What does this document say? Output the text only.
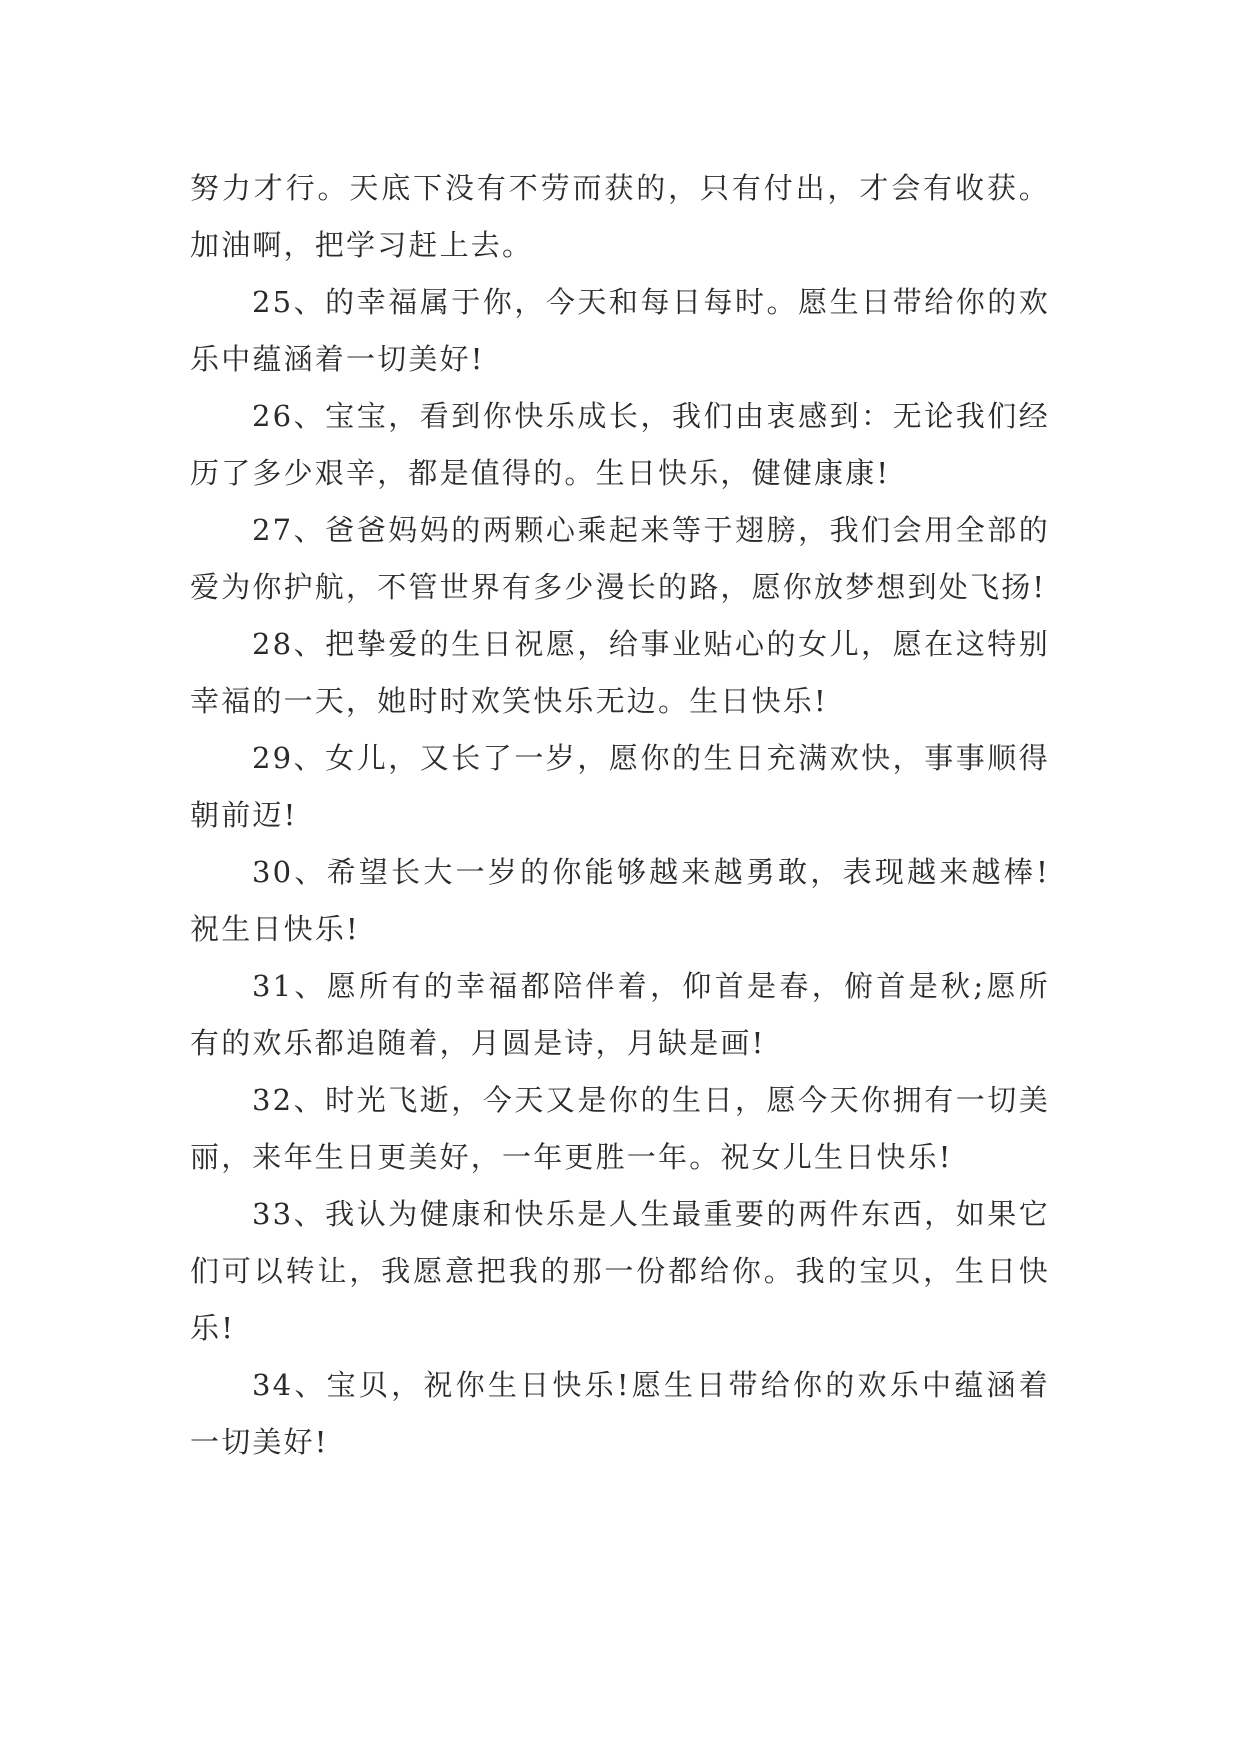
努力才行。天底下没有不劳而获的，只有付出，才会有收获。加油啊，把学习赶上去。

25、的幸福属于你，今天和每日每时。愿生日带给你的欢乐中蕴涵着一切美好!

26、宝宝，看到你快乐成长，我们由衷感到：无论我们经历了多少艰辛，都是值得的。生日快乐，健健康康!

27、爸爸妈妈的两颗心乘起来等于翅膀，我们会用全部的爱为你护航，不管世界有多少漫长的路，愿你放梦想到处飞扬!

28、把挚爱的生日祝愿，给事业贴心的女儿，愿在这特别幸福的一天，她时时欢笑快乐无边。生日快乐!

29、女儿，又长了一岁，愿你的生日充满欢快，事事顺得朝前迈!

30、希望长大一岁的你能够越来越勇敢，表现越来越棒!祝生日快乐!

31、愿所有的幸福都陪伴着，仰首是春，俯首是秋;愿所有的欢乐都追随着，月圆是诗，月缺是画!

32、时光飞逝，今天又是你的生日，愿今天你拥有一切美丽，来年生日更美好，一年更胜一年。祝女儿生日快乐!

33、我认为健康和快乐是人生最重要的两件东西，如果它们可以转让，我愿意把我的那一份都给你。我的宝贝，生日快乐!

34、宝贝，祝你生日快乐!愿生日带给你的欢乐中蕴涵着一切美好!
